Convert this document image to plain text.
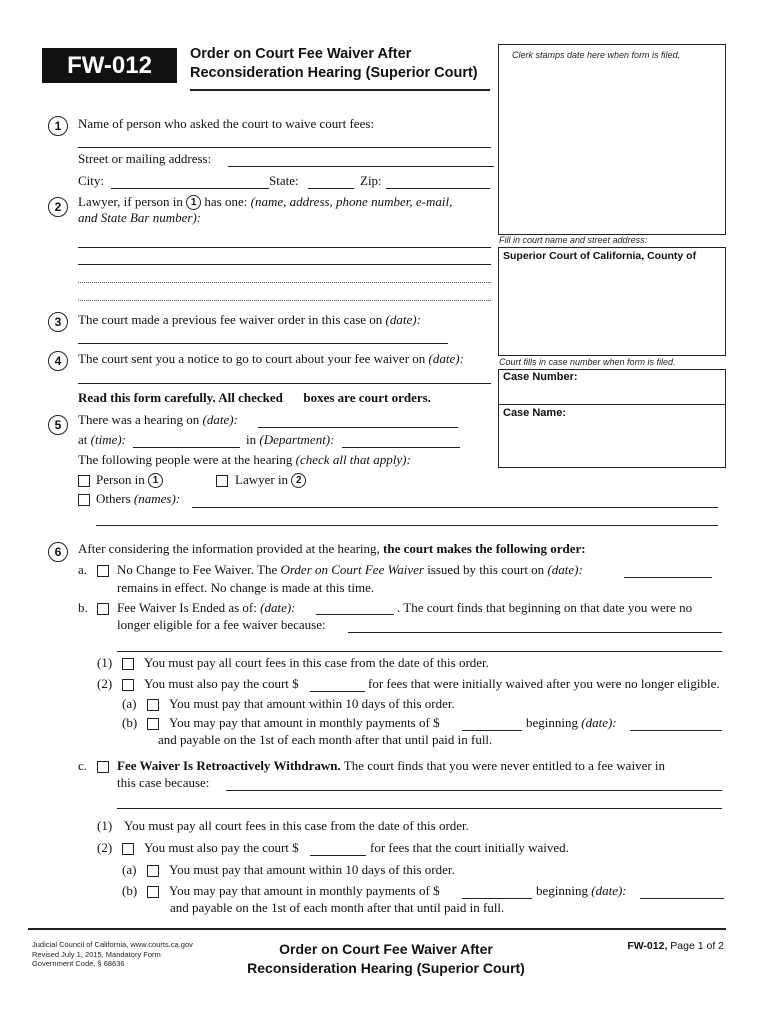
FW-012	Order on Court Fee Waiver After
Reconsideration Hearing (Superior Court)
Clerk stamps date here when form is filed.
Fill in court name and street address:
Superior Court of California, County of
Court fills in case number when form is filed.
Case Number:
Case Name:
1	Name of person who asked the court to waive court fees:
Street or mailing address:
City:	State:	Zip:
2	Lawyer, if person in 1 has one: (name, address, phone number, e-mail,
and State Bar number):
3	The court made a previous fee waiver order in this case on (date):
4	The court sent you a notice to go to court about your fee waiver on (date):
Read this form carefully. All checked boxes are court orders.
5	There was a hearing on (date):
at (time):	in (Department):
The following people were at the hearing (check all that apply):
Person in 1	Lawyer in 2
Others (names):
6	After considering the information provided at the hearing, the court makes the following order:
a. No Change to Fee Waiver. The Order on Court Fee Waiver issued by this court on (date):
remains in effect. No change is made at this time.
b. Fee Waiver Is Ended as of: (date):	. The court finds that beginning on that date you were no
longer eligible for a fee waiver because:
(1) You must pay all court fees in this case from the date of this order.
(2) You must also pay the court $	for fees that were initially waived after you were no longer eligible.
(a)	You must pay that amount within 10 days of this order.
(b) You may pay that amount in monthly payments of $	beginning (date):
and payable on the 1st of each month after that until paid in full.
c. Fee Waiver Is Retroactively Withdrawn. The court finds that you were never entitled to a fee waiver in
this case because:
(1) You must pay all court fees in this case from the date of this order.
(2) You must also pay the court $	for fees that the court initially waived.
(a)	You must pay that amount within 10 days of this order.
(b) You may pay that amount in monthly payments of $	beginning (date):
and payable on the 1st of each month after that until paid in full.
Judicial Council of California, www.courts.ca.gov
Revised July 1, 2015, Mandatory Form
Government Code, § 68636
Order on Court Fee Waiver After
Reconsideration Hearing (Superior Court)
FW-012, Page 1 of 2
